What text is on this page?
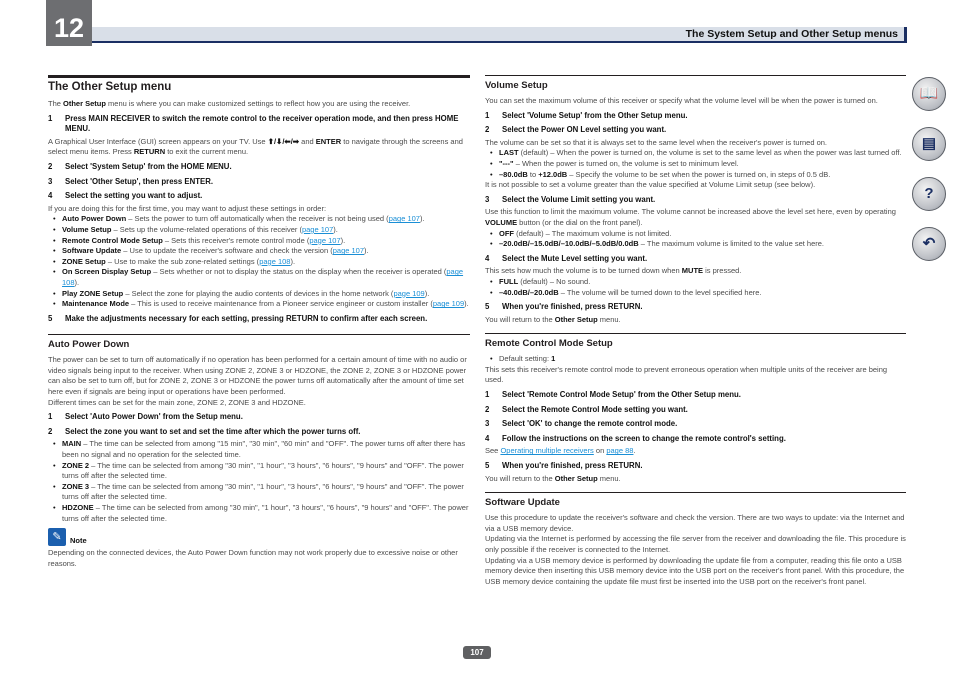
12	The System Setup and Other Setup menus
The Other Setup menu

The Other Setup menu is where you can make customized settings to reflect how you are using the receiver.

1 Press MAIN RECEIVER to switch the remote control to the receiver operation mode, and then press HOME MENU.

A Graphical User Interface (GUI) screen appears on your TV. Use ⬆/⬇/⬅/➡ and ENTER to navigate through the screens and select menu items. Press RETURN to exit the current menu.

2 Select 'System Setup' from the HOME MENU.

3 Select 'Other Setup', then press ENTER.

4 Select the setting you want to adjust.

If you are doing this for the first time, you may want to adjust these settings in order:

• Auto Power Down – Sets the power to turn off automatically when the receiver is not being used (page 107).
• Volume Setup – Sets up the volume-related operations of this receiver (page 107).
• Remote Control Mode Setup – Sets this receiver's remote control mode (page 107).
• Software Update – Use to update the receiver's software and check the version (page 107).
• ZONE Setup – Use to make the sub zone-related settings (page 108).
• On Screen Display Setup – Sets whether or not to display the status on the display when the receiver is operated (page 108).
• Play ZONE Setup – Select the zone for playing the audio contents of devices in the home network (page 109).
• Maintenance Mode – This is used to receive maintenance from a Pioneer service engineer or custom installer (page 109).

5 Make the adjustments necessary for each setting, pressing RETURN to confirm after each screen.

Auto Power Down

The power can be set to turn off automatically if no operation has been performed for a certain amount of time with no audio or video signals being input to the receiver. When using ZONE 2, ZONE 3 or HDZONE, the ZONE 2, ZONE 3 or HDZONE power can also be set to turn off, but for ZONE 2, ZONE 3 or HDZONE the power turns off automatically after the amount of time set here even if signals are being input or operations have been performed.

Different times can be set for the main zone, ZONE 2, ZONE 3 and HDZONE.

1 Select 'Auto Power Down' from the Setup menu.

2 Select the zone you want to set and set the time after which the power turns off.

• MAIN – The time can be selected from among "15 min", "30 min", "60 min" and "OFF". The power turns off after there has been no signal and no operation for the selected time.
• ZONE 2 – The time can be selected from among "30 min", "1 hour", "3 hours", "6 hours", "9 hours" and "OFF". The power turns off after the selected time.
• ZONE 3 – The time can be selected from among "30 min", "1 hour", "3 hours", "6 hours", "9 hours" and "OFF". The power turns off after the selected time.
• HDZONE – The time can be selected from among "30 min", "1 hour", "3 hours", "6 hours", "9 hours" and "OFF". The power turns off after the selected time.
✎	Note

Depending on the connected devices, the Auto Power Down function may not work properly due to excessive noise or other reasons.

Volume Setup

You can set the maximum volume of this receiver or specify what the volume level will be when the power is turned on.

1 Select 'Volume Setup' from the Other Setup menu.

2 Select the Power ON Level setting you want.

The volume can be set so that it is always set to the same level when the receiver's power is turned on.

• LAST (default) – When the power is turned on, the volume is set to the same level as when the power was last turned off.
• "---" – When the power is turned on, the volume is set to minimum level.
• –80.0dB to +12.0dB – Specify the volume to be set when the power is turned on, in steps of 0.5 dB.

It is not possible to set a volume greater than the value specified at Volume Limit setup (see below).

3 Select the Volume Limit setting you want.

Use this function to limit the maximum volume. The volume cannot be increased above the level set here, even by operating VOLUME button (or the dial on the front panel).

• OFF (default) – The maximum volume is not limited.
• –20.0dB/–15.0dB/–10.0dB/–5.0dB/0.0dB – The maximum volume is limited to the value set here.

4 Select the Mute Level setting you want.

This sets how much the volume is to be turned down when MUTE is pressed.

• FULL (default) – No sound.
• –40.0dB/–20.0dB – The volume will be turned down to the level specified here.

5 When you're finished, press RETURN.

You will return to the Other Setup menu.

Remote Control Mode Setup
• Default setting: 1

This sets this receiver's remote control mode to prevent erroneous operation when multiple units of the receiver are being used.

1 Select 'Remote Control Mode Setup' from the Other Setup menu.

2 Select the Remote Control Mode setting you want.

3 Select 'OK' to change the remote control mode.

4 Follow the instructions on the screen to change the remote control's setting.

See Operating multiple receivers on page 88.

5 When you're finished, press RETURN.

You will return to the Other Setup menu.

Software Update

Use this procedure to update the receiver's software and check the version. There are two ways to update: via the Internet and via a USB memory device.

Updating via the Internet is performed by accessing the file server from the receiver and downloading the file. This procedure is only possible if the receiver is connected to the Internet.

Updating via a USB memory device is performed by downloading the update file from a computer, reading this file onto a USB memory device then inserting this USB memory device into the USB port on the receiver's front panel. With this procedure, the USB memory device containing the update file must first be inserted into the USB port on the receiver's front panel.

📖
▤
?
↶
107
